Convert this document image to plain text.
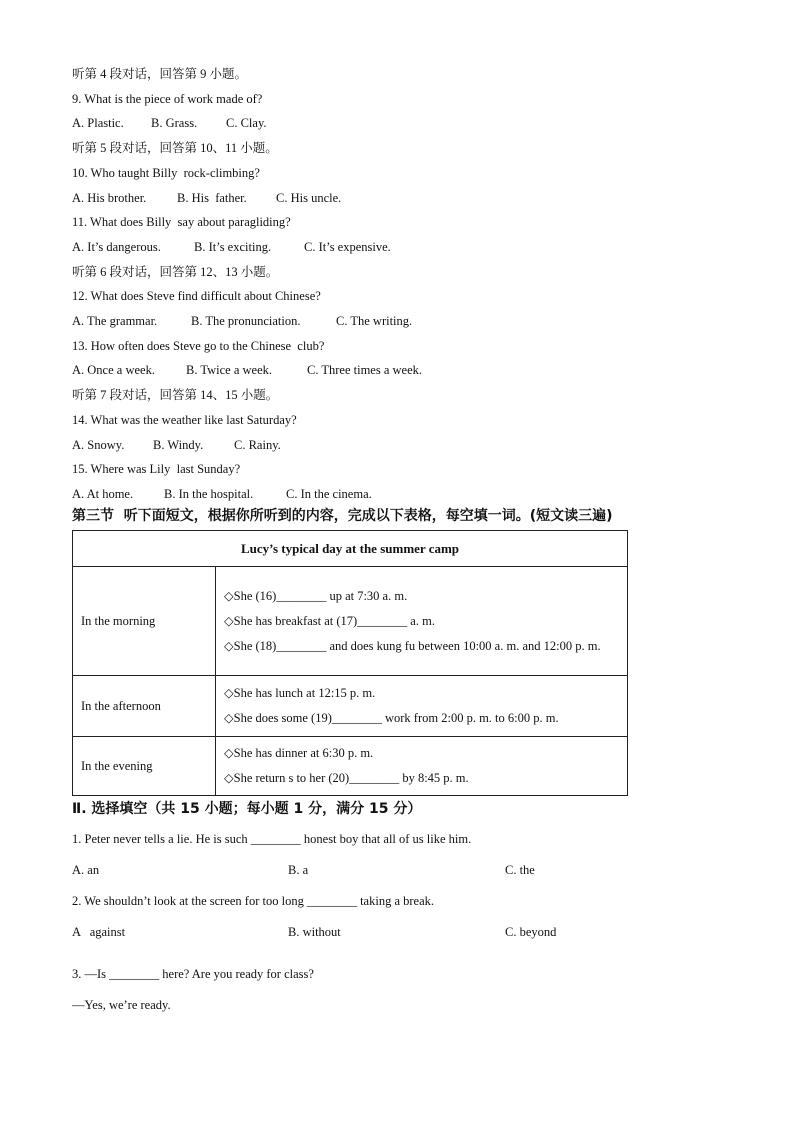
听第 4 段对话，回答第 9 小题。
9. What is the piece of work made of?
A. Plastic. B. Grass. C. Clay.
听第 5 段对话，回答第 10、11 小题。
10. Who taught Billy  rock-climbing?
A. His brother. B. His  father. C. His uncle.
11. What does Billy  say about paragliding?
A. It’s dangerous.	B. It’s exciting.	C. It’s expensive.
听第 6 段对话，回答第 12、13 小题。
12. What does Steve find difficult about Chinese?
A. The grammar.	B. The pronunciation.	C. The writing.
13. How often does Steve go to the Chinese  club?
A. Once a week. B. Twice a week.	C. Three times a week.
听第 7 段对话，回答第 14、15 小题。
14. What was the weather like last Saturday?
A. Snowy. B. Windy. C. Rainy.
15. Where was Lily  last Sunday?
A. At home. B. In the hospital.	C. In the cinema.
第三节  听下面短文，根据你所听到的内容，完成以下表格，每空填一词。(短文读三遍)
Lucy’s typical day at the summer camp	
In the morning	◇She (16)________ up at 7:30 a. m.
◇She has breakfast at (17)________ a. m.
◇She (18)________ and does kung fu between 10:00 a. m. and 12:00 p. m.

In the afternoon	◇She has lunch at 12:15 p. m.
◇She does some (19)________ work from 2:00 p. m. to 6:00 p. m.

In the evening	◇She has dinner at 6:30 p. m.
◇She return s to her (20)________ by 8:45 p. m.
Ⅱ. 选择填空（共 15 小题；每小题 1 分，满分 15 分）
1. Peter never tells a lie. He is such ________ honest boy that all of us like him.
A. an	B. a	C. the
2. We shouldn’t look at the screen for too long ________ taking a break.
A   against	B. without	C. beyond
3. —Is ________ here? Are you ready for class?
—Yes, we’re ready.
